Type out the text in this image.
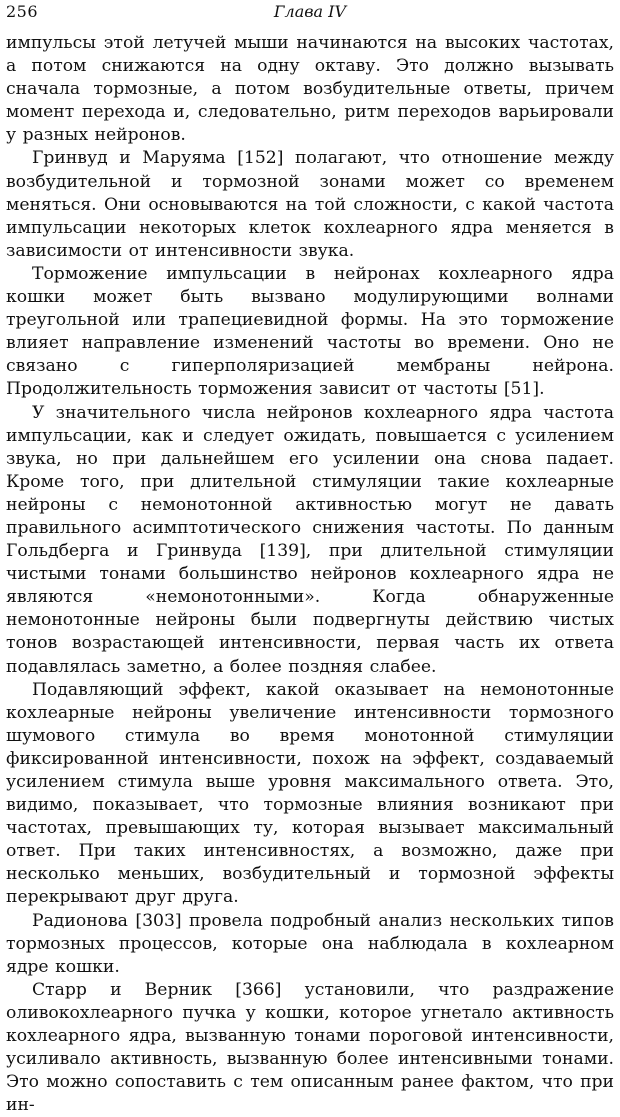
256	Глава IV

импульсы этой летучей мыши начинаются на высоких частотах, а потом снижаются на одну октаву. Это должно вызывать сначала тормозные, а потом возбудительные ответы, причем момент перехода и, следовательно, ритм переходов варьировали у разных нейронов.

Гринвуд и Маруяма [152] полагают, что отношение между возбудительной и тормозной зонами может со временем меняться. Они основываются на той сложности, с какой частота импульсации некоторых клеток кохлеарного ядра меняется в зависимости от интенсивности звука.

Торможение импульсации в нейронах кохлеарного ядра кошки может быть вызвано модулирующими волнами треугольной или трапециевидной формы. На это торможение влияет направление изменений частоты во времени. Оно не связано с гиперполяризацией мембраны нейрона. Продолжительность торможения зависит от частоты [51].

У значительного числа нейронов кохлеарного ядра частота импульсации, как и следует ожидать, повышается с усилением звука, но при дальнейшем его усилении она снова падает. Кроме того, при длительной стимуляции такие кохлеарные нейроны с немонотонной активностью могут не давать правильного асимптотического снижения частоты. По данным Гольдберга и Гринвуда [139], при длительной стимуляции чистыми тонами большинство нейронов кохлеарного ядра не являются «немонотонными». Когда обнаруженные немонотонные нейроны были подвергнуты действию чистых тонов возрастающей интенсивности, первая часть их ответа подавлялась заметно, а более поздняя слабее.

Подавляющий эффект, какой оказывает на немонотонные кохлеарные нейроны увеличение интенсивности тормозного шумового стимула во время монотонной стимуляции фиксированной интенсивности, похож на эффект, создаваемый усилением стимула выше уровня максимального ответа. Это, видимо, показывает, что тормозные влияния возникают при частотах, превышающих ту, которая вызывает максимальный ответ. При таких интенсивностях, а возможно, даже при несколько меньших, возбудительный и тормозной эффекты перекрывают друг друга.

Радионова [303] провела подробный анализ нескольких типов тормозных процессов, которые она наблюдала в кохлеарном ядре кошки.

Старр и Верник [366] установили, что раздражение оливокохлеарного пучка у кошки, которое угнетало активность кохлеарного ядра, вызванную тонами пороговой интенсивности, усиливало активность, вызванную более интенсивными тонами. Это можно сопоставить с тем описанным ранее фактом, что при ин-
